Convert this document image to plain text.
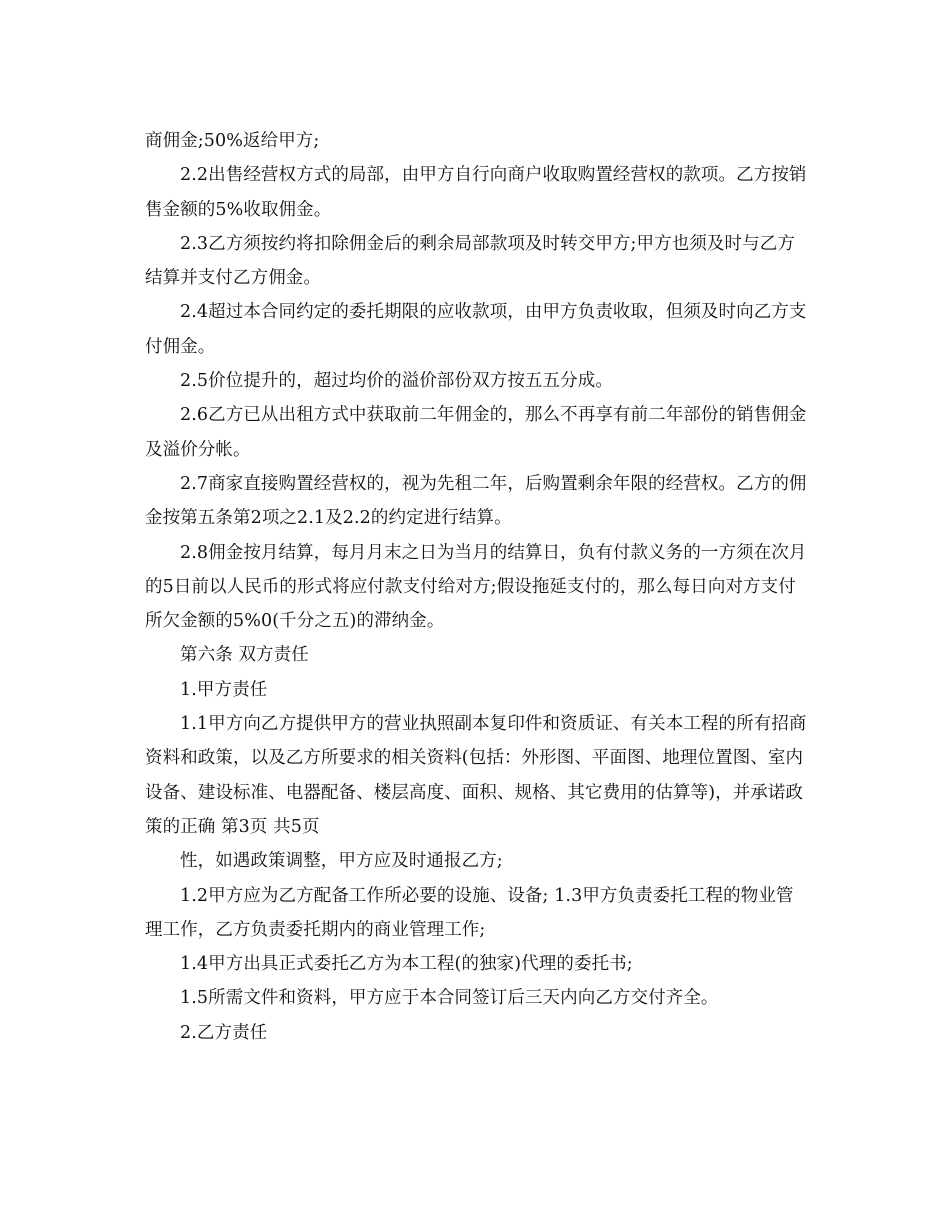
商佣金;50%返给甲方;

2.2出售经营权方式的局部，由甲方自行向商户收取购置经营权的款项。乙方按销售金额的5%收取佣金。

2.3乙方须按约将扣除佣金后的剩余局部款项及时转交甲方;甲方也须及时与乙方结算并支付乙方佣金。

2.4超过本合同约定的委托期限的应收款项，由甲方负责收取，但须及时向乙方支付佣金。

2.5价位提升的，超过均价的溢价部份双方按五五分成。

2.6乙方已从出租方式中获取前二年佣金的，那么不再享有前二年部份的销售佣金及溢价分帐。

2.7商家直接购置经营权的，视为先租二年，后购置剩余年限的经营权。乙方的佣金按第五条第2项之2.1及2.2的约定进行结算。

2.8佣金按月结算，每月月末之日为当月的结算日，负有付款义务的一方须在次月的5日前以人民币的形式将应付款支付给对方;假设拖延支付的，那么每日向对方支付所欠金额的5%0(千分之五)的滞纳金。

第六条 双方责任

1.甲方责任

1.1甲方向乙方提供甲方的营业执照副本复印件和资质证、有关本工程的所有招商资料和政策，以及乙方所要求的相关资料(包括：外形图、平面图、地理位置图、室内设备、建设标准、电器配备、楼层高度、面积、规格、其它费用的估算等)，并承诺政策的正确 第3页 共5页

性，如遇政策调整，甲方应及时通报乙方;

1.2甲方应为乙方配备工作所必要的设施、设备; 1.3甲方负责委托工程的物业管理工作，乙方负责委托期内的商业管理工作;

1.4甲方出具正式委托乙方为本工程(的独家)代理的委托书;

1.5所需文件和资料，甲方应于本合同签订后三天内向乙方交付齐全。

2.乙方责任
